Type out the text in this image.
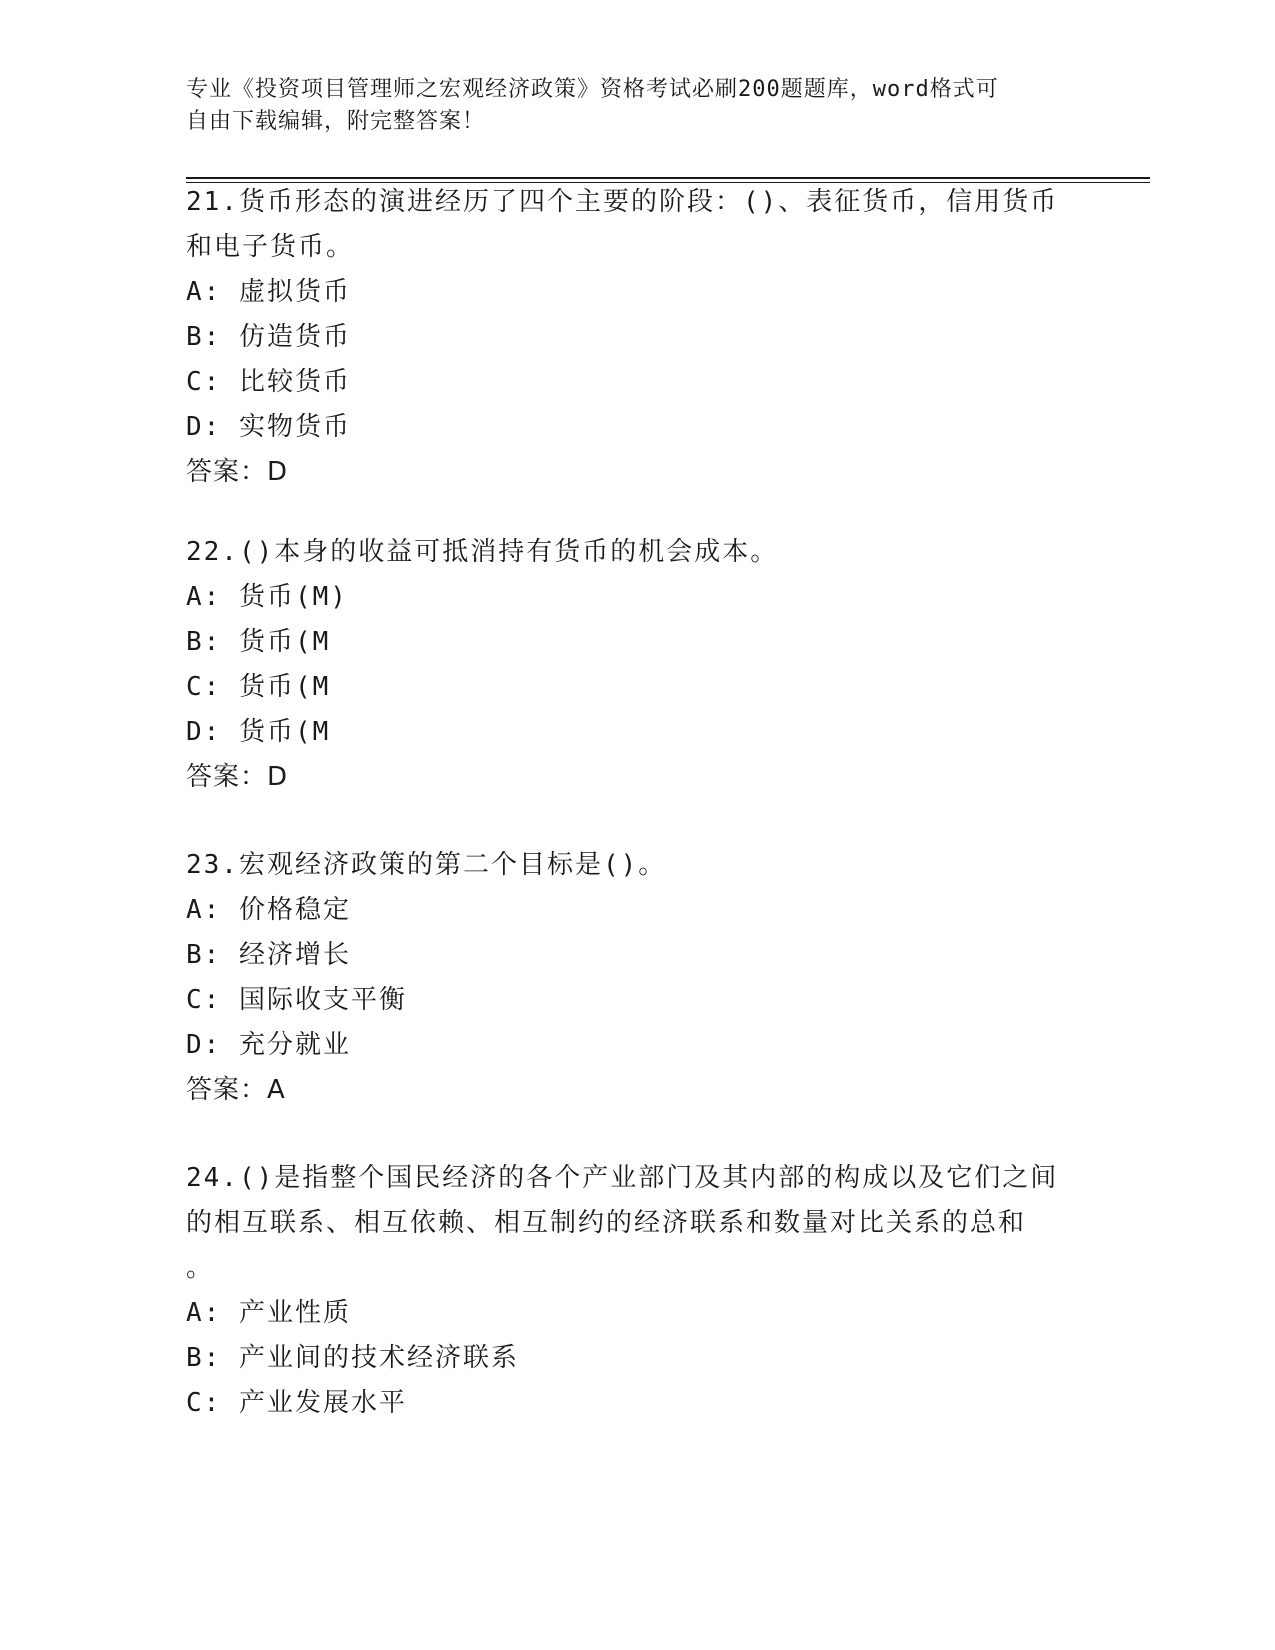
专业《投资项目管理师之宏观经济政策》资格考试必刷200题题库，word格式可
自由下载编辑，附完整答案！
21.货币形态的演进经历了四个主要的阶段：()、表征货币，信用货币
和电子货币。
A: 虚拟货币
B: 仿造货币
C: 比较货币
D: 实物货币
答案：D
22.()本身的收益可抵消持有货币的机会成本。
A: 货币(M)
B: 货币(M
C: 货币(M
D: 货币(M
答案：D
23.宏观经济政策的第二个目标是()。
A: 价格稳定
B: 经济增长
C: 国际收支平衡
D: 充分就业
答案：A
24.()是指整个国民经济的各个产业部门及其内部的构成以及它们之间
的相互联系、相互依赖、相互制约的经济联系和数量对比关系的总和
。
A: 产业性质
B: 产业间的技术经济联系
C: 产业发展水平
